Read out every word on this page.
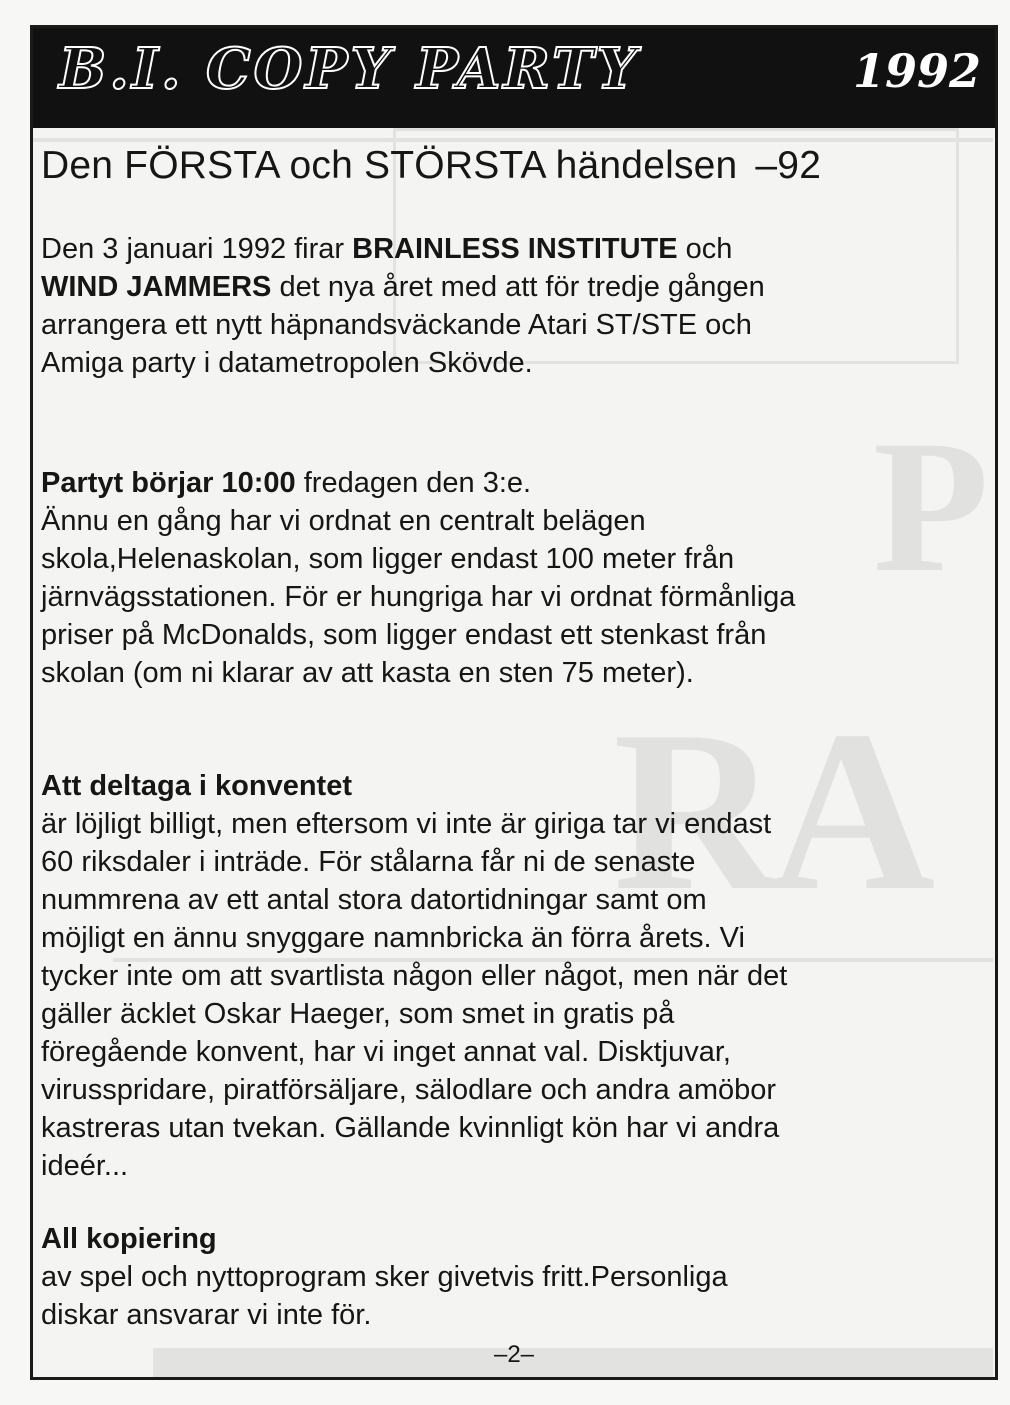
P
RA
B.I. COPY PARTY	1992
Den FÖRSTA och STÖRSTA händelsen –92

Den 3 januari 1992 firar BRAINLESS INSTITUTE och

WIND JAMMERS det nya året med att för tredje gången

arrangera ett nytt häpnandsväckande Atari ST/STE och

Amiga party i datametropolen Skövde.

Partyt börjar 10:00 fredagen den 3:e.

Ännu en gång har vi ordnat en centralt belägen

skola,Helenaskolan, som ligger endast 100 meter från

järnvägsstationen. För er hungriga har vi ordnat förmånliga

priser på McDonalds, som ligger endast ett stenkast från

skolan (om ni klarar av att kasta en sten 75 meter).

Att deltaga i konventet

är löjligt billigt, men eftersom vi inte är giriga tar vi endast

60 riksdaler i inträde. För stålarna får ni de senaste

nummrena av ett antal stora datortidningar samt om

möjligt en ännu snyggare namnbricka än förra årets. Vi

tycker inte om att svartlista någon eller något, men när det

gäller äcklet Oskar Haeger, som smet in gratis på

föregående konvent, har vi inget annat val. Disktjuvar,

virusspridare, piratförsäljare, sälodlare och andra amöbor

kastreras utan tvekan. Gällande kvinnligt kön har vi andra

ideér...

All kopiering

av spel och nyttoprogram sker givetvis fritt.Personliga

diskar ansvarar vi inte för.

–2–
